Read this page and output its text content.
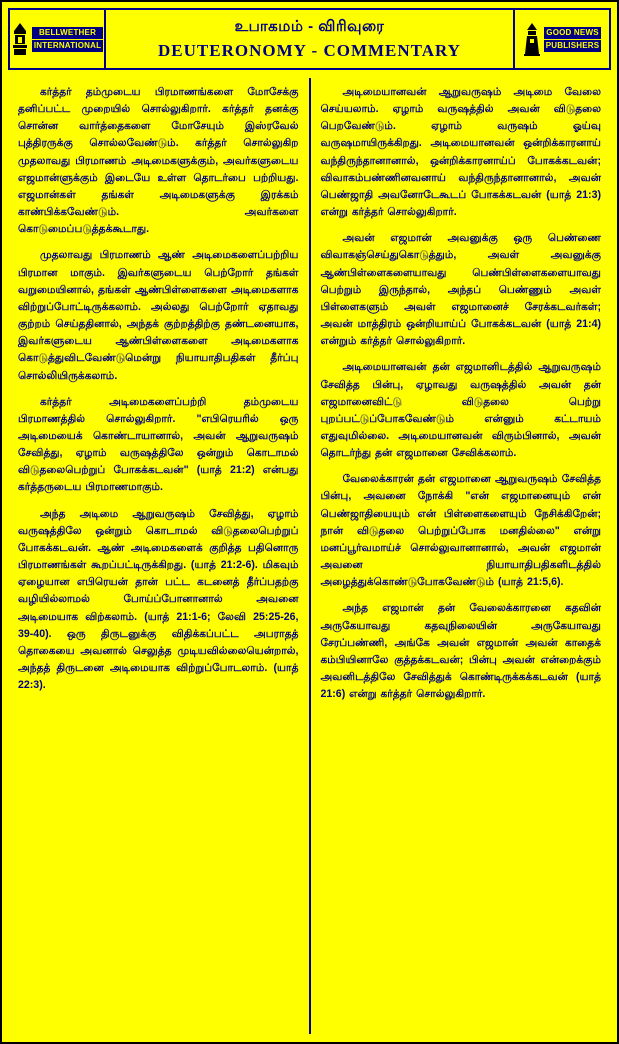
BELLWETHER
INTERNATIONAL
உபாகமம் - விரிவுரை
DEUTERONOMY - COMMENTARY
GOOD NEWS
PUBLISHERS

கர்த்தர் தம்முடைய பிரமாணங்களை மோசேக்கு தனிப்பட்ட முறையில் சொல்லுகிறார். கர்த்தர் தனக்கு சொன்ன வார்த்தைகளை மோசேயும் இஸ்ரவேல் புத்திரருக்கு சொல்லவேண்டும். கர்த்தர் சொல்லுகிற முதலாவது பிரமாணம் அடிமைகளுக்கும், அவர்களுடைய எஜமான்ளுக்கும் இடையே உள்ள தொடர்பை பற்றியது. எஜமான்கள் தங்கள் அடிமைகளுக்கு இரக்கம் காண்பிக்கவேண்டும். அவர்களை கொடுமைப்படுத்தக்கூடாது.

முதலாவது பிரமாணம் ஆண் அடிமைகளைப்பற்றிய பிரமான மாகும். இவர்களுடைய பெற்றோர் தங்கள் வறுமையினால், தங்கள் ஆண்பிள்ளைகளை அடிமைகளாக விற்றுப்போட்டிருக்கலாம். அல்லது பெற்றோர் ஏதாவது குற்றம் செய்ததினால், அந்தக் குற்றத்திற்கு தண்டனையாக, இவர்களுடைய ஆண்பிள்ளைகளை அடிமைகளாக கொடுத்துவிடவேண்டுமென்று நியாயாதிபதிகள் தீர்ப்பு சொல்லியிருக்கலாம்.

கர்த்தர் அடிமைகளைப்பற்றி தம்முடைய பிரமாணத்தில் சொல்லுகிறார். "எபிரெயரில் ஒரு அடிமையைக் கொண்டாயானால், அவன் ஆறுவருஷம் சேவித்து, ஏழாம் வருஷத்திலே ஒன்றும் கொடாமல் விடுதலைபெற்றுப் போகக்கடவன்" (யாத் 21:2) என்பது கர்த்தருடைய பிரமாணமாகும்.

அந்த அடிமை ஆறுவருஷம் சேவித்து, ஏழாம் வருஷத்திலே ஒன்றும் கொடாமல் விடுதலைபெற்றுப் போகக்கடவன். ஆண் அடிமைகளைக் குறித்த பதினொரு பிரமாணங்கள் கூறப்பட்டிருக்கிறது. (யாத் 21:2-6). மிகவும் ஏழையான எபிரெயன் தான் பட்ட கடனைத் தீர்ப்பதற்கு வழியில்லாமல் போய்ப்போனானால் அவனை அடிமையாக விற்கலாம். (யாத் 21:1-6; லேவி 25:25-26, 39-40). ஒரு திருடனுக்கு விதிக்கப்பட்ட அபராதத் தொகையை அவனால் செலுத்த முடியவில்லையென்றால், அந்தத் திருடனை அடிமையாக விற்றுப்போடலாம். (யாத் 22:3).

அடிமையானவன் ஆறுவருஷம் அடிமை வேலை செய்யலாம். ஏழாம் வருஷத்தில் அவன் விடுதலை பெறவேண்டும். ஏழாம் வருஷம் ஓய்வு வருஷமாயிருக்கிறது. அடிமையானவன் ஒன்றிக்காரனாய் வந்திருந்தானானால், ஒன்றிக்காரனாய்ப் போகக்கடவன்; விவாகம்பண்ணினவனாய் வந்திருந்தானானால், அவன் பெண்ஜாதி அவனோடேகூடப் போகக்கடவன் (யாத் 21:3) என்று கர்த்தர் சொல்லுகிறார்.

அவன் எஜமான் அவனுக்கு ஒரு பெண்ணை விவாகஞ்செய்துகொடுத்தும், அவள் அவனுக்கு ஆண்பிள்ளைகளையாவது பெண்பிள்ளைகளையாவது பெற்றும் இருந்தால், அந்தப் பெண்ணும் அவள் பிள்ளைகளும் அவள் எஜமானைச் சேரக்கடவர்கள்; அவன் மாத்திரம் ஒன்றியாய்ப் போகக்கடவன் (யாத் 21:4) என்றும் கர்த்தர் சொல்லுகிறார்.

அடிமையானவன் தன் எஜமானிடத்தில் ஆறுவருஷம் சேவித்த பின்பு, ஏழாவது வருஷத்தில் அவன் தன் எஜமானைவிட்டு விடுதலை பெற்று புறப்பட்டுப்போகவேண்டும் என்னும் கட்டாயம் எதுவுமில்லை. அடிமையானவன் விரும்பினால், அவன் தொடர்ந்து தன் எஜமானை சேவிக்கலாம்.

வேலைக்காரன் தன் எஜமானை ஆறுவருஷம் சேவித்த பின்பு, அவனை நோக்கி "என் எஜமானையும் என் பெண்ஜாதியையும் என் பிள்ளைகளையும் நேசிக்கிறேன்; நான் விடுதலை பெற்றுப்போக மனதில்லை" என்று மனப்பூர்வமாய்ச் சொல்லுவானானால், அவன் எஜமான் அவனை நியாயாதிபதிகளிடத்தில் அழைத்துக்கொண்டுபோகவேண்டும் (யாத் 21:5,6).

அந்த எஜமான் தன் வேலைக்காரனை கதவின் அருகேயாவது கதவுநிலையின் அருகேயாவது சேரப்பண்ணி, அங்கே அவன் எஜமான் அவன் காதைக் கம்பியினாலே குத்தக்கடவன்; பின்பு அவன் என்றைக்கும் அவனிடத்திலே சேவித்துக் கொண்டிருக்கக்கடவன் (யாத் 21:6) என்று கர்த்தர் சொல்லுகிறார்.
